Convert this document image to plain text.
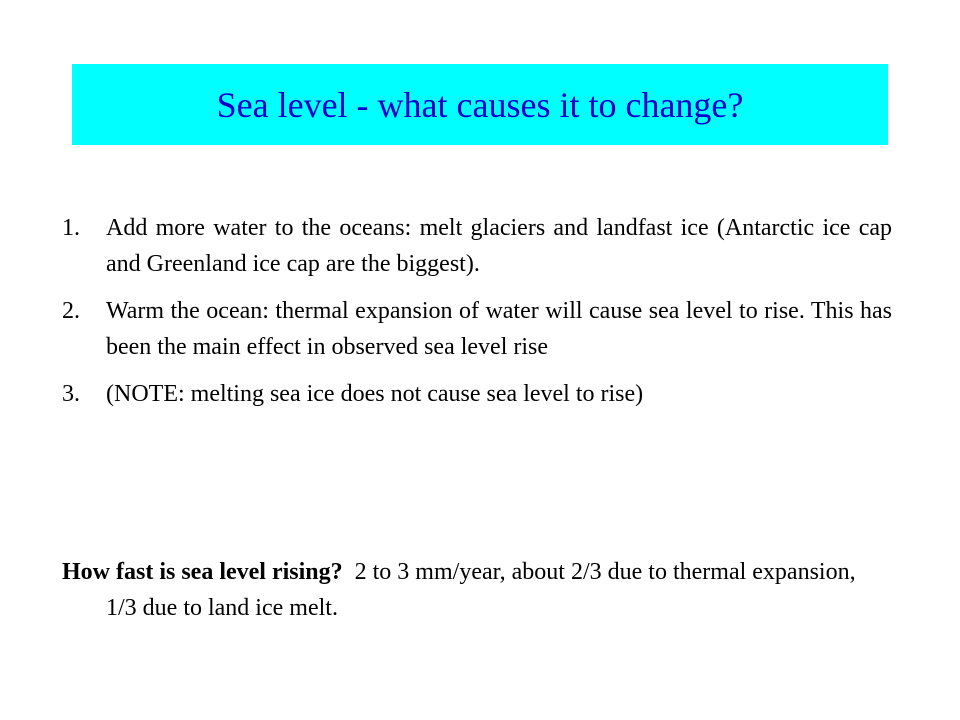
Sea level - what causes it to change?
1. Add more water to the oceans: melt glaciers and landfast ice (Antarctic ice cap and Greenland ice cap are the biggest).
2. Warm the ocean: thermal expansion of water will cause sea level to rise. This has been the main effect in observed sea level rise
3. (NOTE: melting sea ice does not cause sea level to rise)
How fast is sea level rising?  2 to 3 mm/year, about 2/3 due to thermal expansion,  1/3 due to land ice melt.
